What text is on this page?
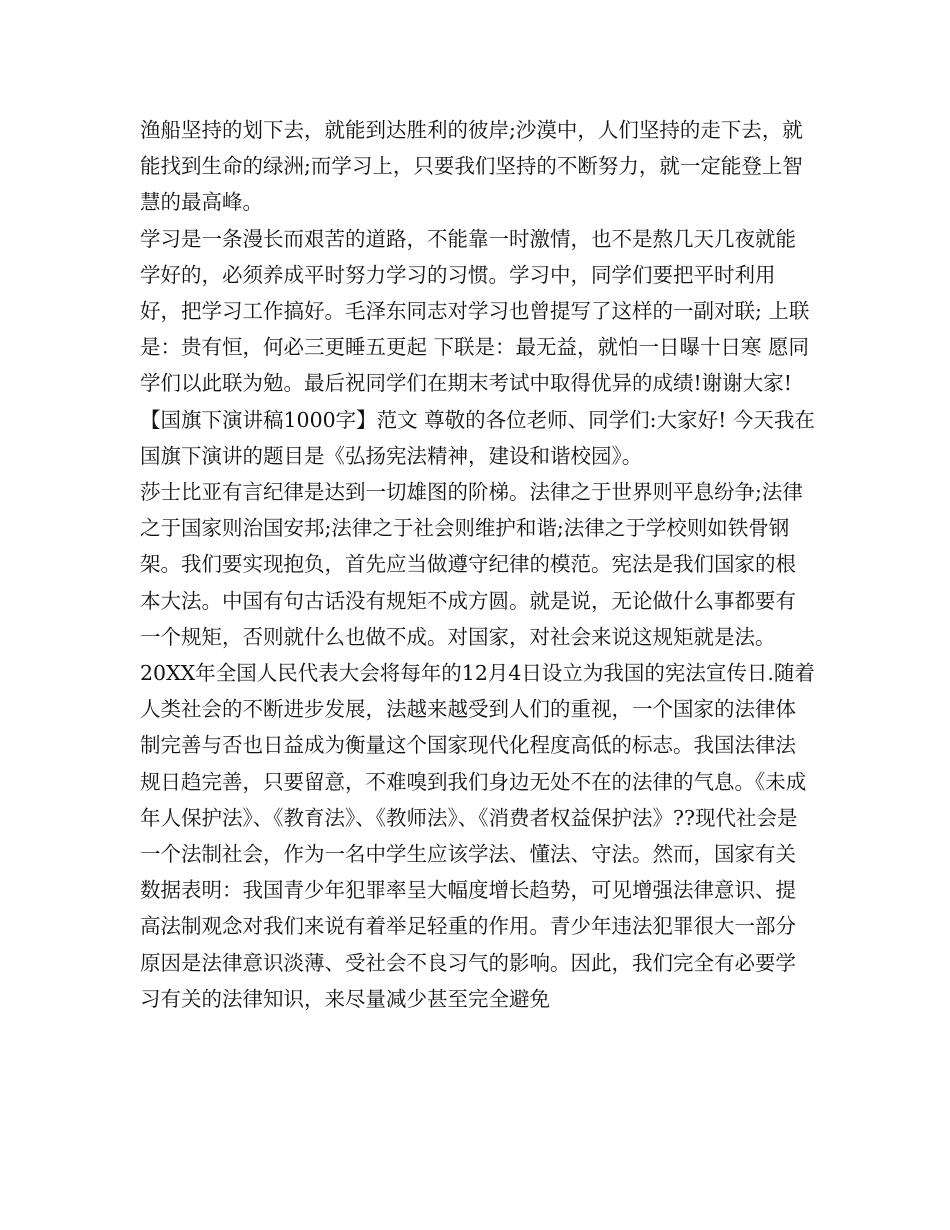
渔船坚持的划下去，就能到达胜利的彼岸;沙漠中，人们坚持的走下去，就能找到生命的绿洲;而学习上，只要我们坚持的不断努力，就一定能登上智慧的最高峰。

学习是一条漫长而艰苦的道路，不能靠一时激情，也不是熬几天几夜就能学好的，必须养成平时努力学习的习惯。学习中，同学们要把平时利用好，把学习工作搞好。毛泽东同志对学习也曾提写了这样的一副对联; 上联是：贵有恒，何必三更睡五更起 下联是：最无益，就怕一日曝十日寒 愿同学们以此联为勉。最后祝同学们在期末考试中取得优异的成绩!谢谢大家! 【国旗下演讲稿1000字】范文 尊敬的各位老师、同学们:大家好! 今天我在国旗下演讲的题目是《弘扬宪法精神，建设和谐校园》。

莎士比亚有言纪律是达到一切雄图的阶梯。法律之于世界则平息纷争;法律之于国家则治国安邦;法律之于社会则维护和谐;法律之于学校则如铁骨钢架。我们要实现抱负，首先应当做遵守纪律的模范。宪法是我们国家的根本大法。中国有句古话没有规矩不成方圆。就是说，无论做什么事都要有一个规矩，否则就什么也做不成。对国家，对社会来说这规矩就是法。

20XX年全国人民代表大会将每年的12月4日设立为我国的宪法宣传日.随着人类社会的不断进步发展，法越来越受到人们的重视，一个国家的法律体制完善与否也日益成为衡量这个国家现代化程度高低的标志。我国法律法规日趋完善，只要留意，不难嗅到我们身边无处不在的法律的气息。《未成年人保护法》、《教育法》、《教师法》、《消费者权益保护法》??现代社会是一个法制社会，作为一名中学生应该学法、懂法、守法。然而，国家有关数据表明：我国青少年犯罪率呈大幅度增长趋势，可见增强法律意识、提高法制观念对我们来说有着举足轻重的作用。青少年违法犯罪很大一部分原因是法律意识淡薄、受社会不良习气的影响。因此，我们完全有必要学习有关的法律知识，来尽量减少甚至完全避免
